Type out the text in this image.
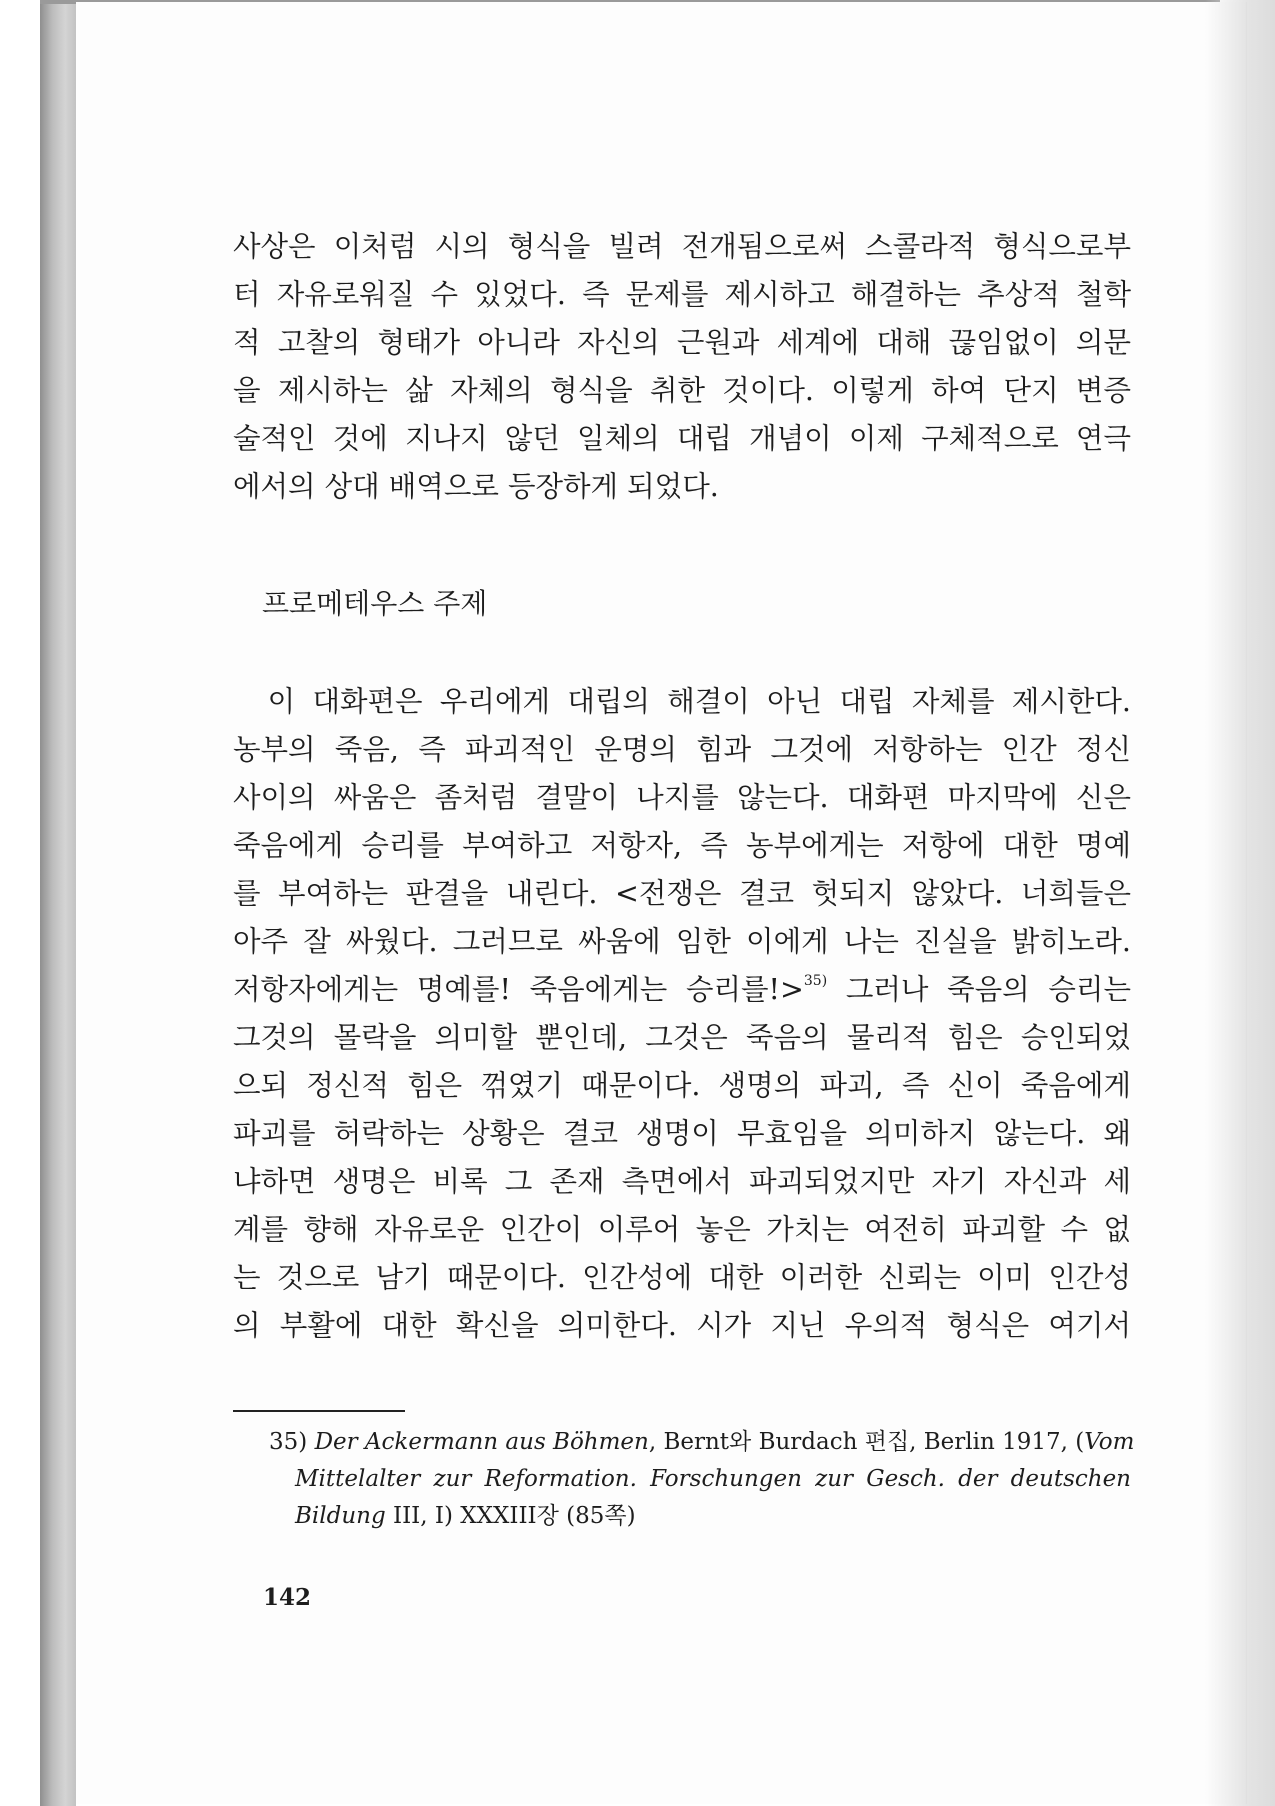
사상은 이처럼 시의 형식을 빌려 전개됨으로써 스콜라적 형식으로부
터 자유로워질 수 있었다. 즉 문제를 제시하고 해결하는 추상적 철학
적 고찰의 형태가 아니라 자신의 근원과 세계에 대해 끊임없이 의문
을 제시하는 삶 자체의 형식을 취한 것이다. 이렇게 하여 단지 변증
술적인 것에 지나지 않던 일체의 대립 개념이 이제 구체적으로 연극
에서의 상대 배역으로 등장하게 되었다.
프로메테우스 주제
이 대화편은 우리에게 대립의 해결이 아닌 대립 자체를 제시한다.
농부의 죽음, 즉 파괴적인 운명의 힘과 그것에 저항하는 인간 정신
사이의 싸움은 좀처럼 결말이 나지를 않는다. 대화편 마지막에 신은
죽음에게 승리를 부여하고 저항자, 즉 농부에게는 저항에 대한 명예
를 부여하는 판결을 내린다. <전쟁은 결코 헛되지 않았다. 너희들은
아주 잘 싸웠다. 그러므로 싸움에 임한 이에게 나는 진실을 밝히노라.
저항자에게는 명예를! 죽음에게는 승리를!>$^{35)}$ 그러나 죽음의 승리는
그것의 몰락을 의미할 뿐인데, 그것은 죽음의 물리적 힘은 승인되었
으되 정신적 힘은 꺾였기 때문이다. 생명의 파괴, 즉 신이 죽음에게
파괴를 허락하는 상황은 결코 생명이 무효임을 의미하지 않는다. 왜
냐하면 생명은 비록 그 존재 측면에서 파괴되었지만 자기 자신과 세
계를 향해 자유로운 인간이 이루어 놓은 가치는 여전히 파괴할 수 없
는 것으로 남기 때문이다. 인간성에 대한 이러한 신뢰는 이미 인간성
의 부활에 대한 확신을 의미한다. 시가 지닌 우의적 형식은 여기서
35) Der Ackermann aus Böhmen, Bernt와 Burdach 편집, Berlin 1917, (Vom
Mittelalter zur Reformation. Forschungen zur Gesch. der deutschen
Bildung III, I) XXXIII장 (85쪽)
142
